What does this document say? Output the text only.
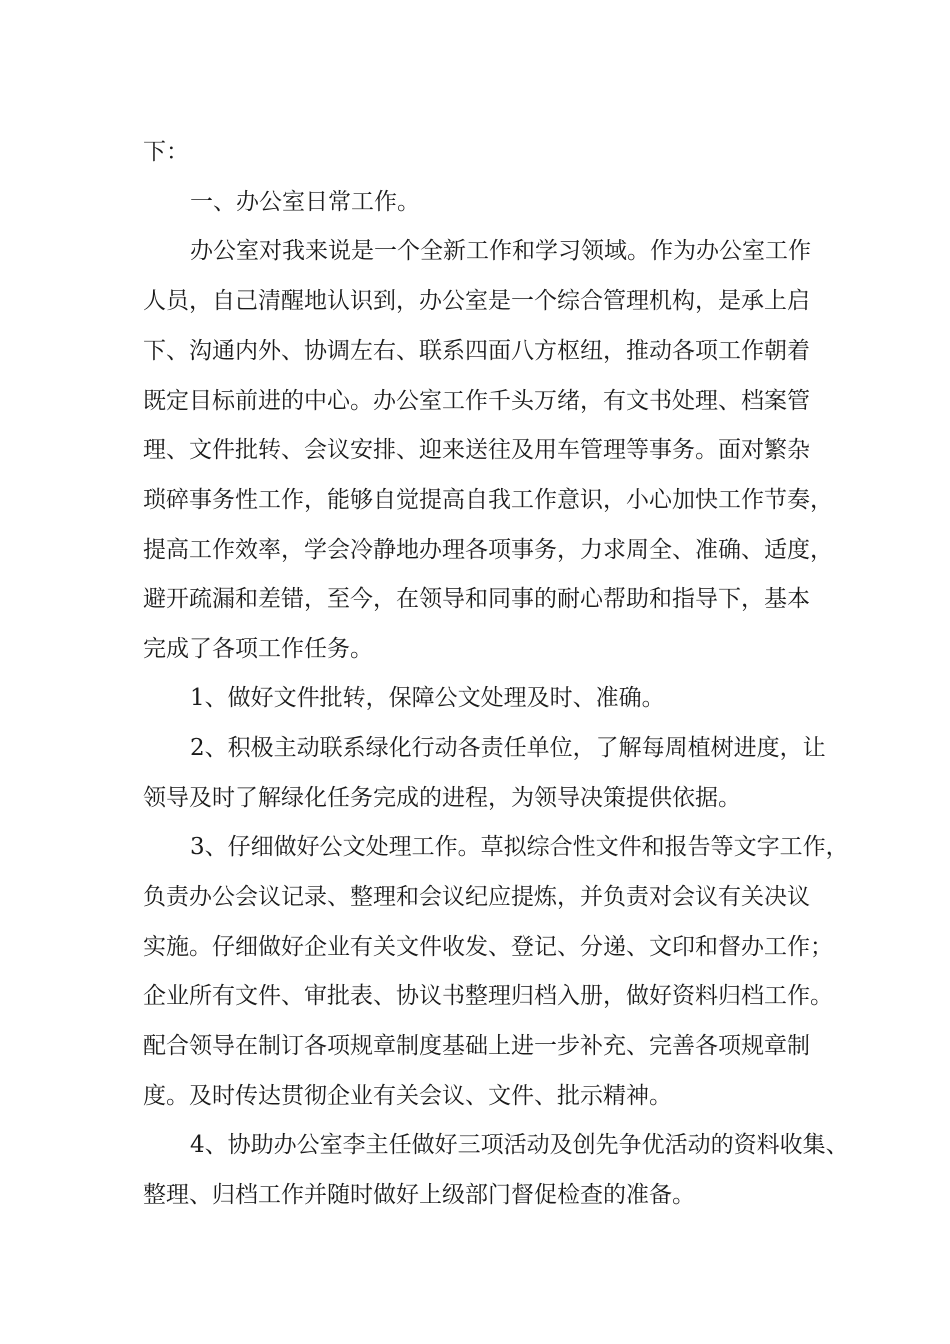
下：
一、办公室日常工作。
办公室对我来说是一个全新工作和学习领域。作为办公室工作
人员，自己清醒地认识到，办公室是一个综合管理机构，是承上启
下、沟通内外、协调左右、联系四面八方枢纽，推动各项工作朝着
既定目标前进的中心。办公室工作千头万绪，有文书处理、档案管
理、文件批转、会议安排、迎来送往及用车管理等事务。面对繁杂
琐碎事务性工作，能够自觉提高自我工作意识，小心加快工作节奏，
提高工作效率，学会冷静地办理各项事务，力求周全、准确、适度，
避开疏漏和差错，至今，在领导和同事的耐心帮助和指导下，基本
完成了各项工作任务。
1、做好文件批转，保障公文处理及时、准确。
2、积极主动联系绿化行动各责任单位，了解每周植树进度，让
领导及时了解绿化任务完成的进程，为领导决策提供依据。
3、仔细做好公文处理工作。草拟综合性文件和报告等文字工作，
负责办公会议记录、整理和会议纪应提炼，并负责对会议有关决议
实施。仔细做好企业有关文件收发、登记、分递、文印和督办工作；
企业所有文件、审批表、协议书整理归档入册，做好资料归档工作。
配合领导在制订各项规章制度基础上进一步补充、完善各项规章制
度。及时传达贯彻企业有关会议、文件、批示精神。
4、协助办公室李主任做好三项活动及创先争优活动的资料收集、
整理、归档工作并随时做好上级部门督促检查的准备。
